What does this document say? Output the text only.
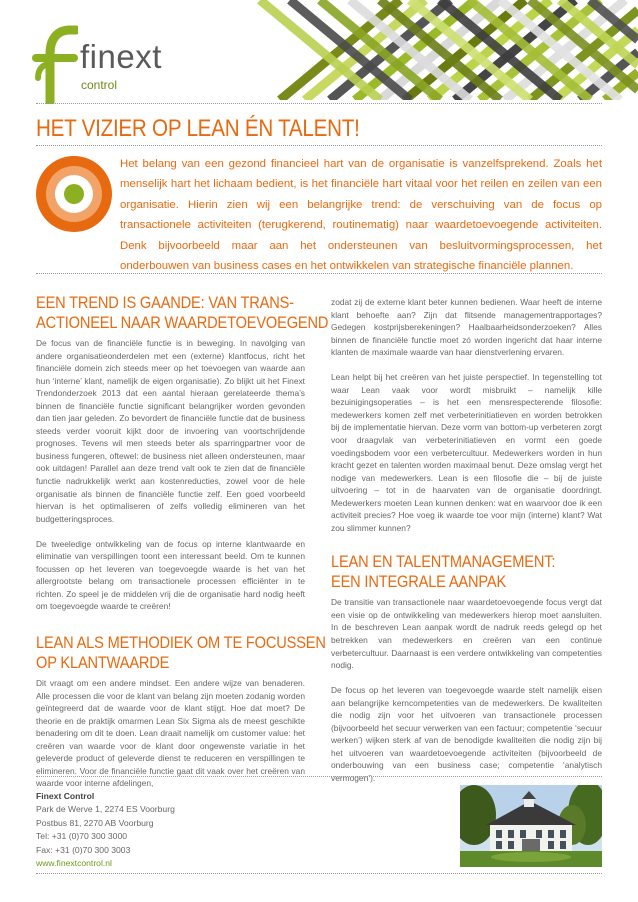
finext
control
HET VIZIER OP LEAN ÉN TALENT!
Het belang van een gezond financieel hart van de organisatie is vanzelfsprekend. Zoals het menselijk hart het lichaam bedient, is het financiële hart vitaal voor het reilen en zeilen van een organisatie. Hierin zien wij een belangrijke trend: de verschuiving van de focus op transactionele activiteiten (terugkerend, routinematig) naar waardetoevoegende activiteiten. Denk bijvoorbeeld maar aan het ondersteunen van besluitvormingsprocessen, het onderbouwen van business cases en het ontwikkelen van strategische financiële plannen.
EEN TREND IS GAANDE: VAN TRANS-
ACTIONEEL NAAR WAARDETOEVOEGEND

De focus van de financiële functie is in beweging. In navolging van andere organisatieonderdelen met een (externe) klantfocus, richt het financiële domein zich steeds meer op het toevoegen van waarde aan hun ‘interne’ klant, namelijk de eigen organisatie). Zo blijkt uit het Finext Trendonderzoek 2013 dat een aantal hieraan gerelateerde thema’s binnen de financiële functie significant belangrijker worden gevonden dan tien jaar geleden. Zo bevordert de financiële functie dat de business steeds verder vooruit kijkt door de invoering van voortschrijdende prognoses. Tevens wil men steeds beter als sparringpartner voor de business fungeren, oftewel: de business niet alleen ondersteunen, maar ook uitdagen! Parallel aan deze trend valt ook te zien dat de financiële functie nadrukkelijk werkt aan kostenreducties, zowel voor de hele organisatie als binnen de financiële functie zelf. Een goed voorbeeld hiervan is het optimaliseren of zelfs volledig elimineren van het budgetteringsproces.

De tweeledige ontwikkeling van de focus op interne klantwaarde en eliminatie van verspillingen toont een interessant beeld. Om te kunnen focussen op het leveren van toegevoegde waarde is het van het allergrootste belang om transactionele processen efficiënter in te richten. Zo speel je de middelen vrij die de organisatie hard nodig heeft om toegevoegde waarde te creëren!

LEAN ALS METHODIEK OM TE FOCUSSEN
OP KLANTWAARDE

Dit vraagt om een andere mindset. Een andere wijze van benaderen. Alle processen die voor de klant van belang zijn moeten zodanig worden geïntegreerd dat de waarde voor de klant stijgt. Hoe dat moet? De theorie en de praktijk omarmen Lean Six Sigma als de meest geschikte benadering om dit te doen. Lean draait namelijk om customer value: het creëren van waarde voor de klant door ongewenste variatie in het geleverde product of geleverde dienst te reduceren en verspillingen te elimineren. Voor de financiële functie gaat dit vaak over het creëren van waarde voor interne afdelingen,

zodat zij de externe klant beter kunnen bedienen. Waar heeft de interne klant behoefte aan? Zijn dat flitsende managementrapportages? Gedegen kostprijsberekeningen? Haalbaarheidsonderzoeken? Alles binnen de financiële functie moet zó worden ingericht dat haar interne klanten de maximale waarde van haar dienstverlening ervaren.

Lean helpt bij het creëren van het juiste perspectief. In tegenstelling tot waar Lean vaak voor wordt misbruikt – namelijk kille bezuinigingsoperaties – is het een mensrespecterende filosofie: medewerkers komen zelf met verbeterinitiatieven en worden betrokken bij de implementatie hiervan. Deze vorm van bottom-up verbeteren zorgt voor draagvlak van verbeterinitiatieven en vormt een goede voedingsbodem voor een verbetercultuur. Medewerkers worden in hun kracht gezet en talenten worden maximaal benut. Deze omslag vergt het nodige van medewerkers. Lean is een filosofie die – bij de juiste uitvoering – tot in de haarvaten van de organisatie doordringt. Medewerkers moeten Lean kunnen denken: wat en waarvoor doe ik een activiteit precies? Hoe voeg ik waarde toe voor mijn (interne) klant? Wat zou slimmer kunnen?

LEAN EN TALENTMANAGEMENT:
EEN INTEGRALE AANPAK

De transitie van transactionele naar waardetoevoegende focus vergt dat een visie op de ontwikkeling van medewerkers hierop moet aansluiten. In de beschreven Lean aanpak wordt de nadruk reeds gelegd op het betrekken van medewerkers en creëren van een continue verbetercultuur. Daarnaast is een verdere ontwikkeling van competenties nodig.

De focus op het leveren van toegevoegde waarde stelt namelijk eisen aan belangrijke kerncompetenties van de medewerkers. De kwaliteiten die nodig zijn voor het uitvoeren van transactionele processen (bijvoorbeeld het secuur verwerken van een factuur; competentie ‘secuur werken’) wijken sterk af van de benodigde kwaliteiten die nodig zijn bij het uitvoeren van waardetoevoegende activiteiten (bijvoorbeeld de onderbouwing van een business case; competentie ‘analytisch vermogen’).

Finext Control
Park de Werve 1, 2274 ES Voorburg
Postbus 81, 2270 AB Voorburg
Tel: +31 (0)70 300 3000
Fax: +31 (0)70 300 3003
www.finextcontrol.nl
